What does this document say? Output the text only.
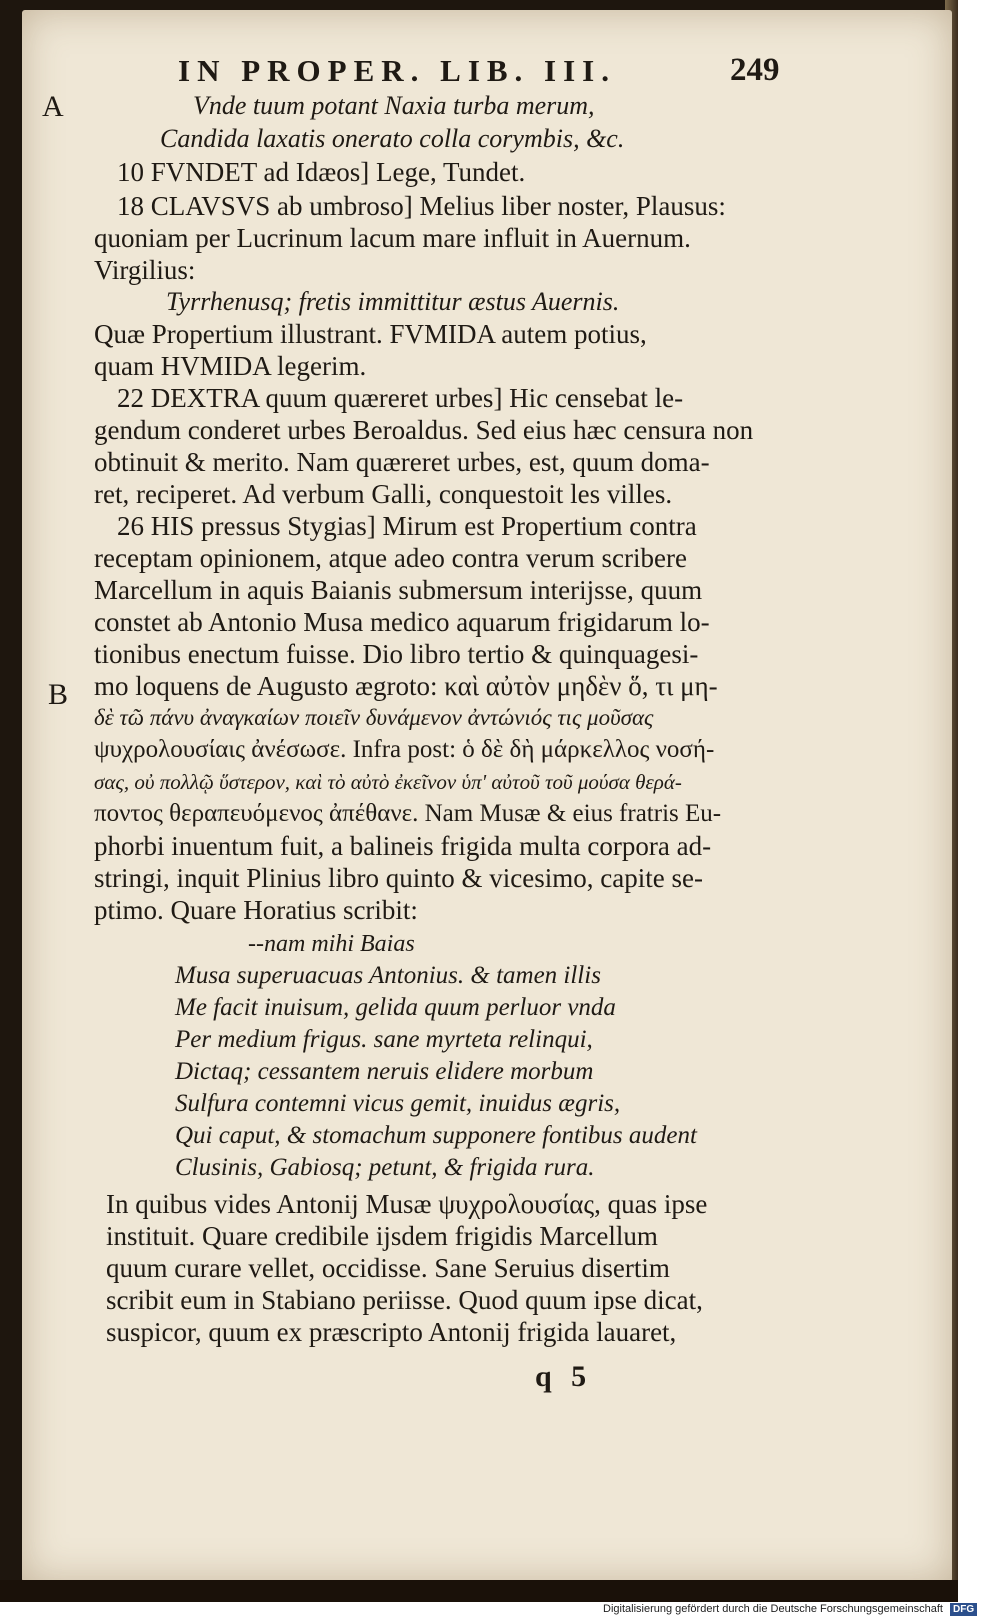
IN PROPER. LIB. III.	249
A
B
Vnde tuum potant Naxia turba merum,
Candida laxatis onerato colla corymbis, &c.
10 FVNDET ad Idæos] Lege, Tundet.
18 CLAVSVS ab umbroso] Melius liber noster, Plausus:
quoniam per Lucrinum lacum mare influit in Auernum.
Virgilius:
Tyrrhenusq; fretis immittitur æstus Auernis.
Quæ Propertium illustrant. FVMIDA autem potius,
quam HVMIDA legerim.
22 DEXTRA quum quæreret urbes] Hic censebat le-
gendum conderet urbes Beroaldus. Sed eius hæc censura non
obtinuit & merito. Nam quæreret urbes, est, quum doma-
ret, reciperet. Ad verbum Galli, conquestoit les villes.
26 HIS pressus Stygias] Mirum est Propertium contra
receptam opinionem, atque adeo contra verum scribere
Marcellum in aquis Baianis submersum interijsse, quum
constet ab Antonio Musa medico aquarum frigidarum lo-
tionibus enectum fuisse. Dio libro tertio & quinquagesi-
mo loquens de Augusto ægroto: καὶ αὐτὸν μηδὲν ὅ, τι μη-
δὲ τῶ πάνυ ἀναγκαίων ποιεῖν δυνάμενον ἀντώνιός τις μοῦσας
ψυχρολουσίαις ἀνέσωσε. Infra post: ὁ δὲ δὴ μάρκελλος νοσή-
σας, οὐ πολλῷ ὕστερον, καὶ τὸ αὐτὸ ἐκεῖνον ὑπ' αὐτοῦ τοῦ μούσα θερά-
ποντος θεραπευόμενος ἀπέθανε. Nam Musæ & eius fratris Eu-
phorbi inuentum fuit, a balineis frigida multa corpora ad-
stringi, inquit Plinius libro quinto & vicesimo, capite se-
ptimo. Quare Horatius scribit:
--nam mihi Baias
Musa superuacuas Antonius. & tamen illis
Me facit inuisum, gelida quum perluor vnda
Per medium frigus. sane myrteta relinqui,
Dictaq; cessantem neruis elidere morbum
Sulfura contemni vicus gemit, inuidus ægris,
Qui caput, & stomachum supponere fontibus audent
Clusinis, Gabiosq; petunt, & frigida rura.
In quibus vides Antonij Musæ ψυχρολουσίας, quas ipse
instituit. Quare credibile ijsdem frigidis Marcellum
quum curare vellet, occidisse. Sane Seruius disertim
scribit eum in Stabiano periisse. Quod quum ipse dicat,
suspicor, quum ex præscripto Antonij frigida lauaret,
q 5
Digitalisierung gefördert durch die Deutsche Forschungsgemeinschaft DFG
